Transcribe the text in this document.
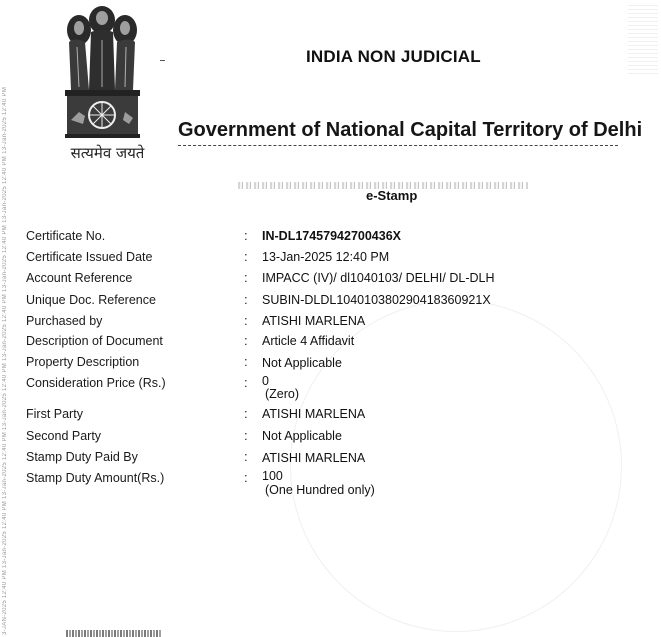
3-JAN-2025 12:40 PM 13-Jan-2025 12:40 PM 13-Jan-2025 12:40 PM 13-Jan-2025 12:40 PM 13-Jan-2025 12:40 PM 13-Jan-2025 12:40 PM 13-Jan-2025 12:40 PM 13-Jan-2025 12:40 PM	सत्यमेव जयते
INDIA NON JUDICIAL
Government of National Capital Territory of Delhi
e-Stamp
Certificate No.	: IN-DL17457942700436X
Certificate Issued Date	: 13-Jan-2025 12:40 PM
Account Reference	: IMPACC (IV)/ dl1040103/ DELHI/ DL-DLH
Unique Doc. Reference	: SUBIN-DLDL104010380290418360921X
Purchased by	: ATISHI MARLENA
Description of Document	: Article 4 Affidavit
Property Description	: Not Applicable
Consideration Price (Rs.)	: 0
(Zero)
First Party	: ATISHI MARLENA
Second Party	: Not Applicable
Stamp Duty Paid By	: ATISHI MARLENA
Stamp Duty Amount(Rs.)	: 100
(One Hundred only)
